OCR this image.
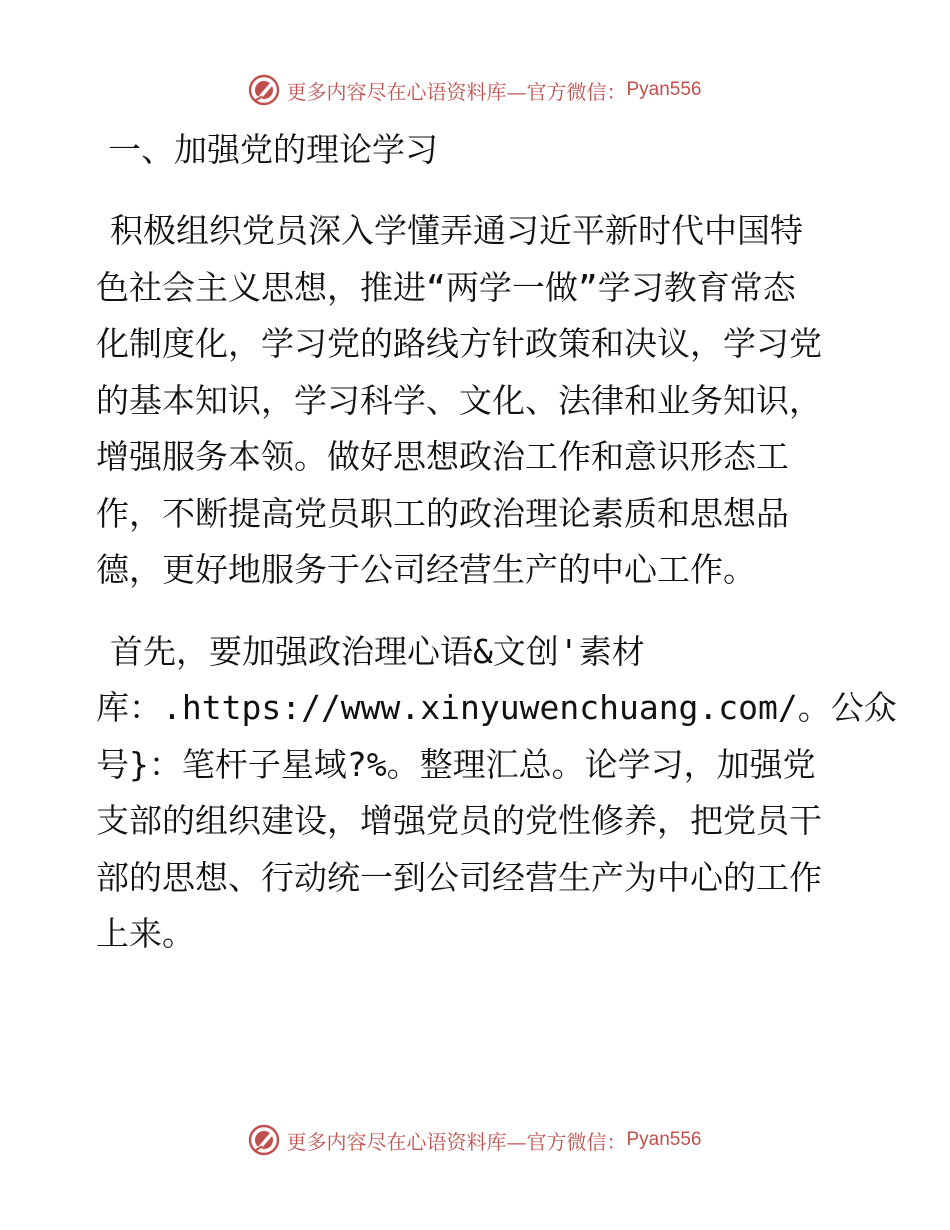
更多内容尽在心语资料库—官方微信： Pyan556
一、加强党的理论学习
积极组织党员深入学懂弄通习近平新时代中国特
色社会主义思想，推进“两学一做”学习教育常态
化制度化，学习党的路线方针政策和决议，学习党
的基本知识，学习科学、文化、法律和业务知识，
增强服务本领。做好思想政治工作和意识形态工
作，不断提高党员职工的政治理论素质和思想品
德，更好地服务于公司经营生产的中心工作。
首先，要加强政治理心语&文创'素材
库：.https://www.xinyuwenchuang.com/。公众
号}：笔杆子星域?%。整理汇总。论学习，加强党
支部的组织建设，增强党员的党性修养，把党员干
部的思想、行动统一到公司经营生产为中心的工作
上来。
更多内容尽在心语资料库—官方微信： Pyan556
